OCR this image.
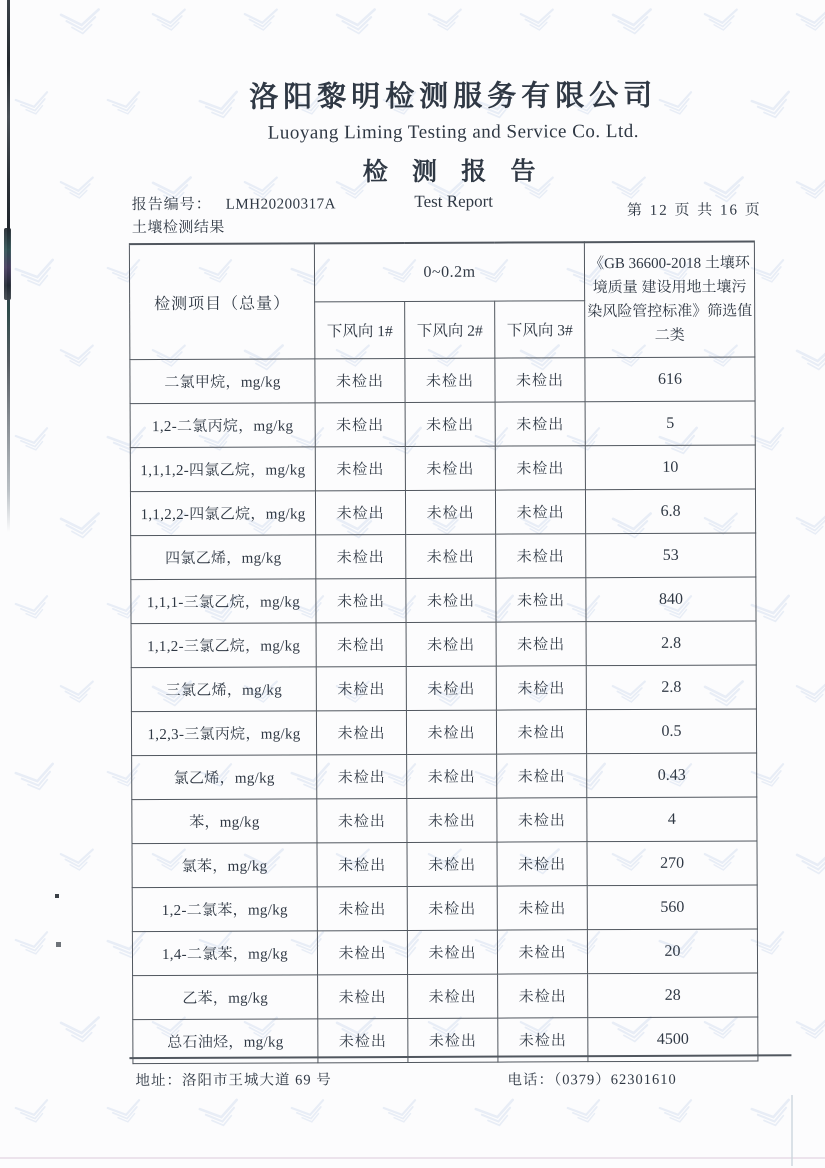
洛阳黎明检测服务有限公司
Luoyang Liming Testing and Service Co. Ltd.
检 测 报 告
Test Report
报告编号： LMH20200317A
土壤检测结果
第 12 页 共 16 页
检测项目（总量）	0~0.2m			《GB 36600-2018 土壤环境质量 建设用地土壤污染风险管控标准》筛选值二类
	下风向 1#	下风向 2#	下风向 3#	
二氯甲烷，mg/kg	未检出	未检出	未检出	616
1,2-二氯丙烷，mg/kg	未检出	未检出	未检出	5
1,1,1,2-四氯乙烷，mg/kg	未检出	未检出	未检出	10
1,1,2,2-四氯乙烷，mg/kg	未检出	未检出	未检出	6.8
四氯乙烯，mg/kg	未检出	未检出	未检出	53
1,1,1-三氯乙烷，mg/kg	未检出	未检出	未检出	840
1,1,2-三氯乙烷，mg/kg	未检出	未检出	未检出	2.8
三氯乙烯，mg/kg	未检出	未检出	未检出	2.8
1,2,3-三氯丙烷，mg/kg	未检出	未检出	未检出	0.5
氯乙烯，mg/kg	未检出	未检出	未检出	0.43
苯，mg/kg	未检出	未检出	未检出	4
氯苯，mg/kg	未检出	未检出	未检出	270
1,2-二氯苯，mg/kg	未检出	未检出	未检出	560
1,4-二氯苯，mg/kg	未检出	未检出	未检出	20
乙苯，mg/kg	未检出	未检出	未检出	28
总石油烃，mg/kg	未检出	未检出	未检出	4500
地址：洛阳市王城大道 69 号	电话：（0379）62301610
